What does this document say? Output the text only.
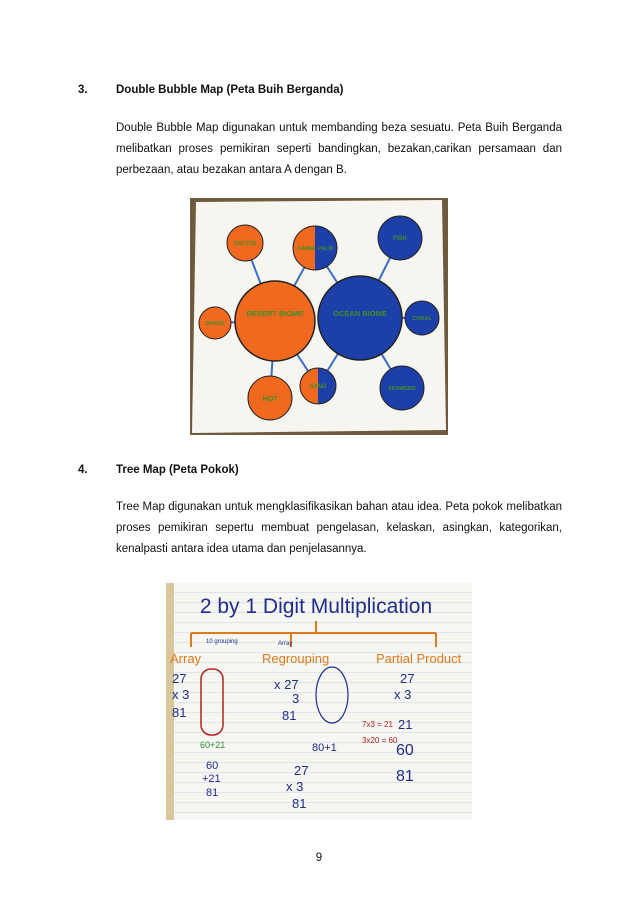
3. Double Bubble Map (Peta Buih Berganda)

Double Bubble Map digunakan untuk membanding beza sesuatu. Peta Buih Berganda melibatkan proses pemikiran seperti bandingkan, bezakan,carikan persamaan dan perbezaan, atau bezakan antara A dengan B.

DESERT BIOME	OCEAN BIOME
CACTUS
SNAKE
HOT
CAMEL PALM
SAND
FISH
CORAL
SEAWEED
4. Tree Map (Peta Pokok)

Tree Map digunakan untuk mengklasifikasikan bahan atau idea. Peta pokok melibatkan proses pemikiran sepertu membuat pengelasan, kelaskan, asingkan, kategorikan, kenalpasti antara idea utama dan penjelasannya.

2 by 1 Digit Multiplication
Array	Regrouping	Partial Product
10 grouping	Array
27
x 3
81
60+21
60
+21
81
x 27
3
81
80+1
27
x 3
81
27
x 3
7x3 = 21
3x20 = 60
21
60
81
9
